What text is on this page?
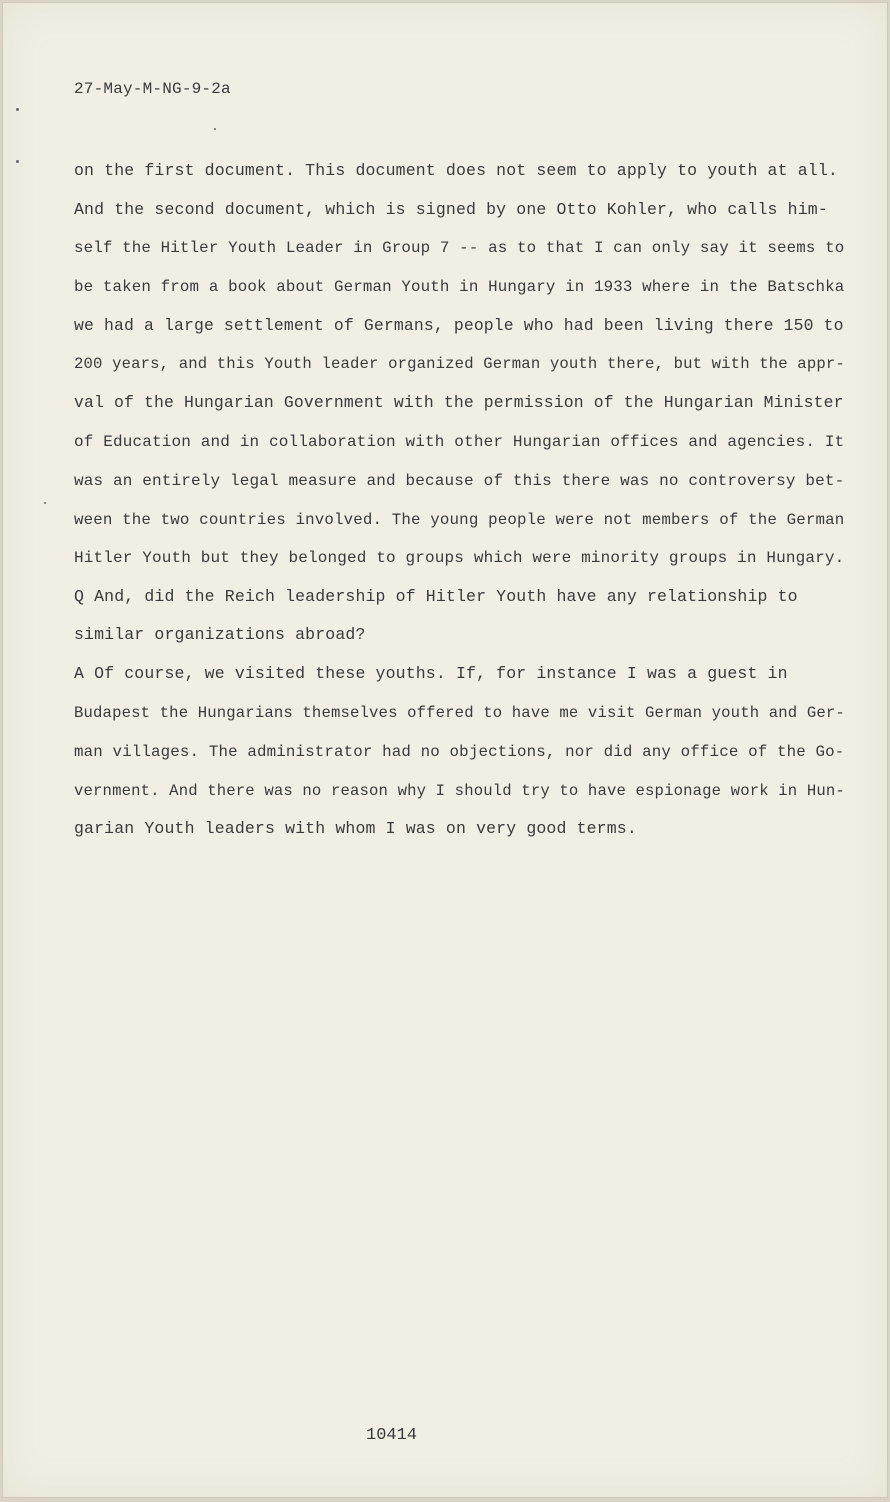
27-May-M-NG-9-2a
on the first document. This document does not seem to apply to youth at all.
And the second document, which is signed by one Otto Kohler, who calls him-
self the Hitler Youth Leader in Group 7 -- as to that I can only say it seems to
be taken from a book about German Youth in Hungary in 1933 where in the Batschka
we had a large settlement of Germans, people who had been living there 150 to
200 years, and this Youth leader organized German youth there, but with the appr-
val of the Hungarian Government with the permission of the Hungarian Minister
of Education and in collaboration with other Hungarian offices and agencies. It
was an entirely legal measure and because of this there was no controversy bet-
ween the two countries involved. The young people were not members of the German
Hitler Youth but they belonged to groups which were minority groups in Hungary.
Q And, did the Reich leadership of Hitler Youth have any relationship to
similar organizations abroad?
A Of course, we visited these youths. If, for instance I was a guest in
Budapest the Hungarians themselves offered to have me visit German youth and Ger-
man villages. The administrator had no objections, nor did any office of the Go-
vernment. And there was no reason why I should try to have espionage work in Hun-
garian Youth leaders with whom I was on very good terms.
10414
